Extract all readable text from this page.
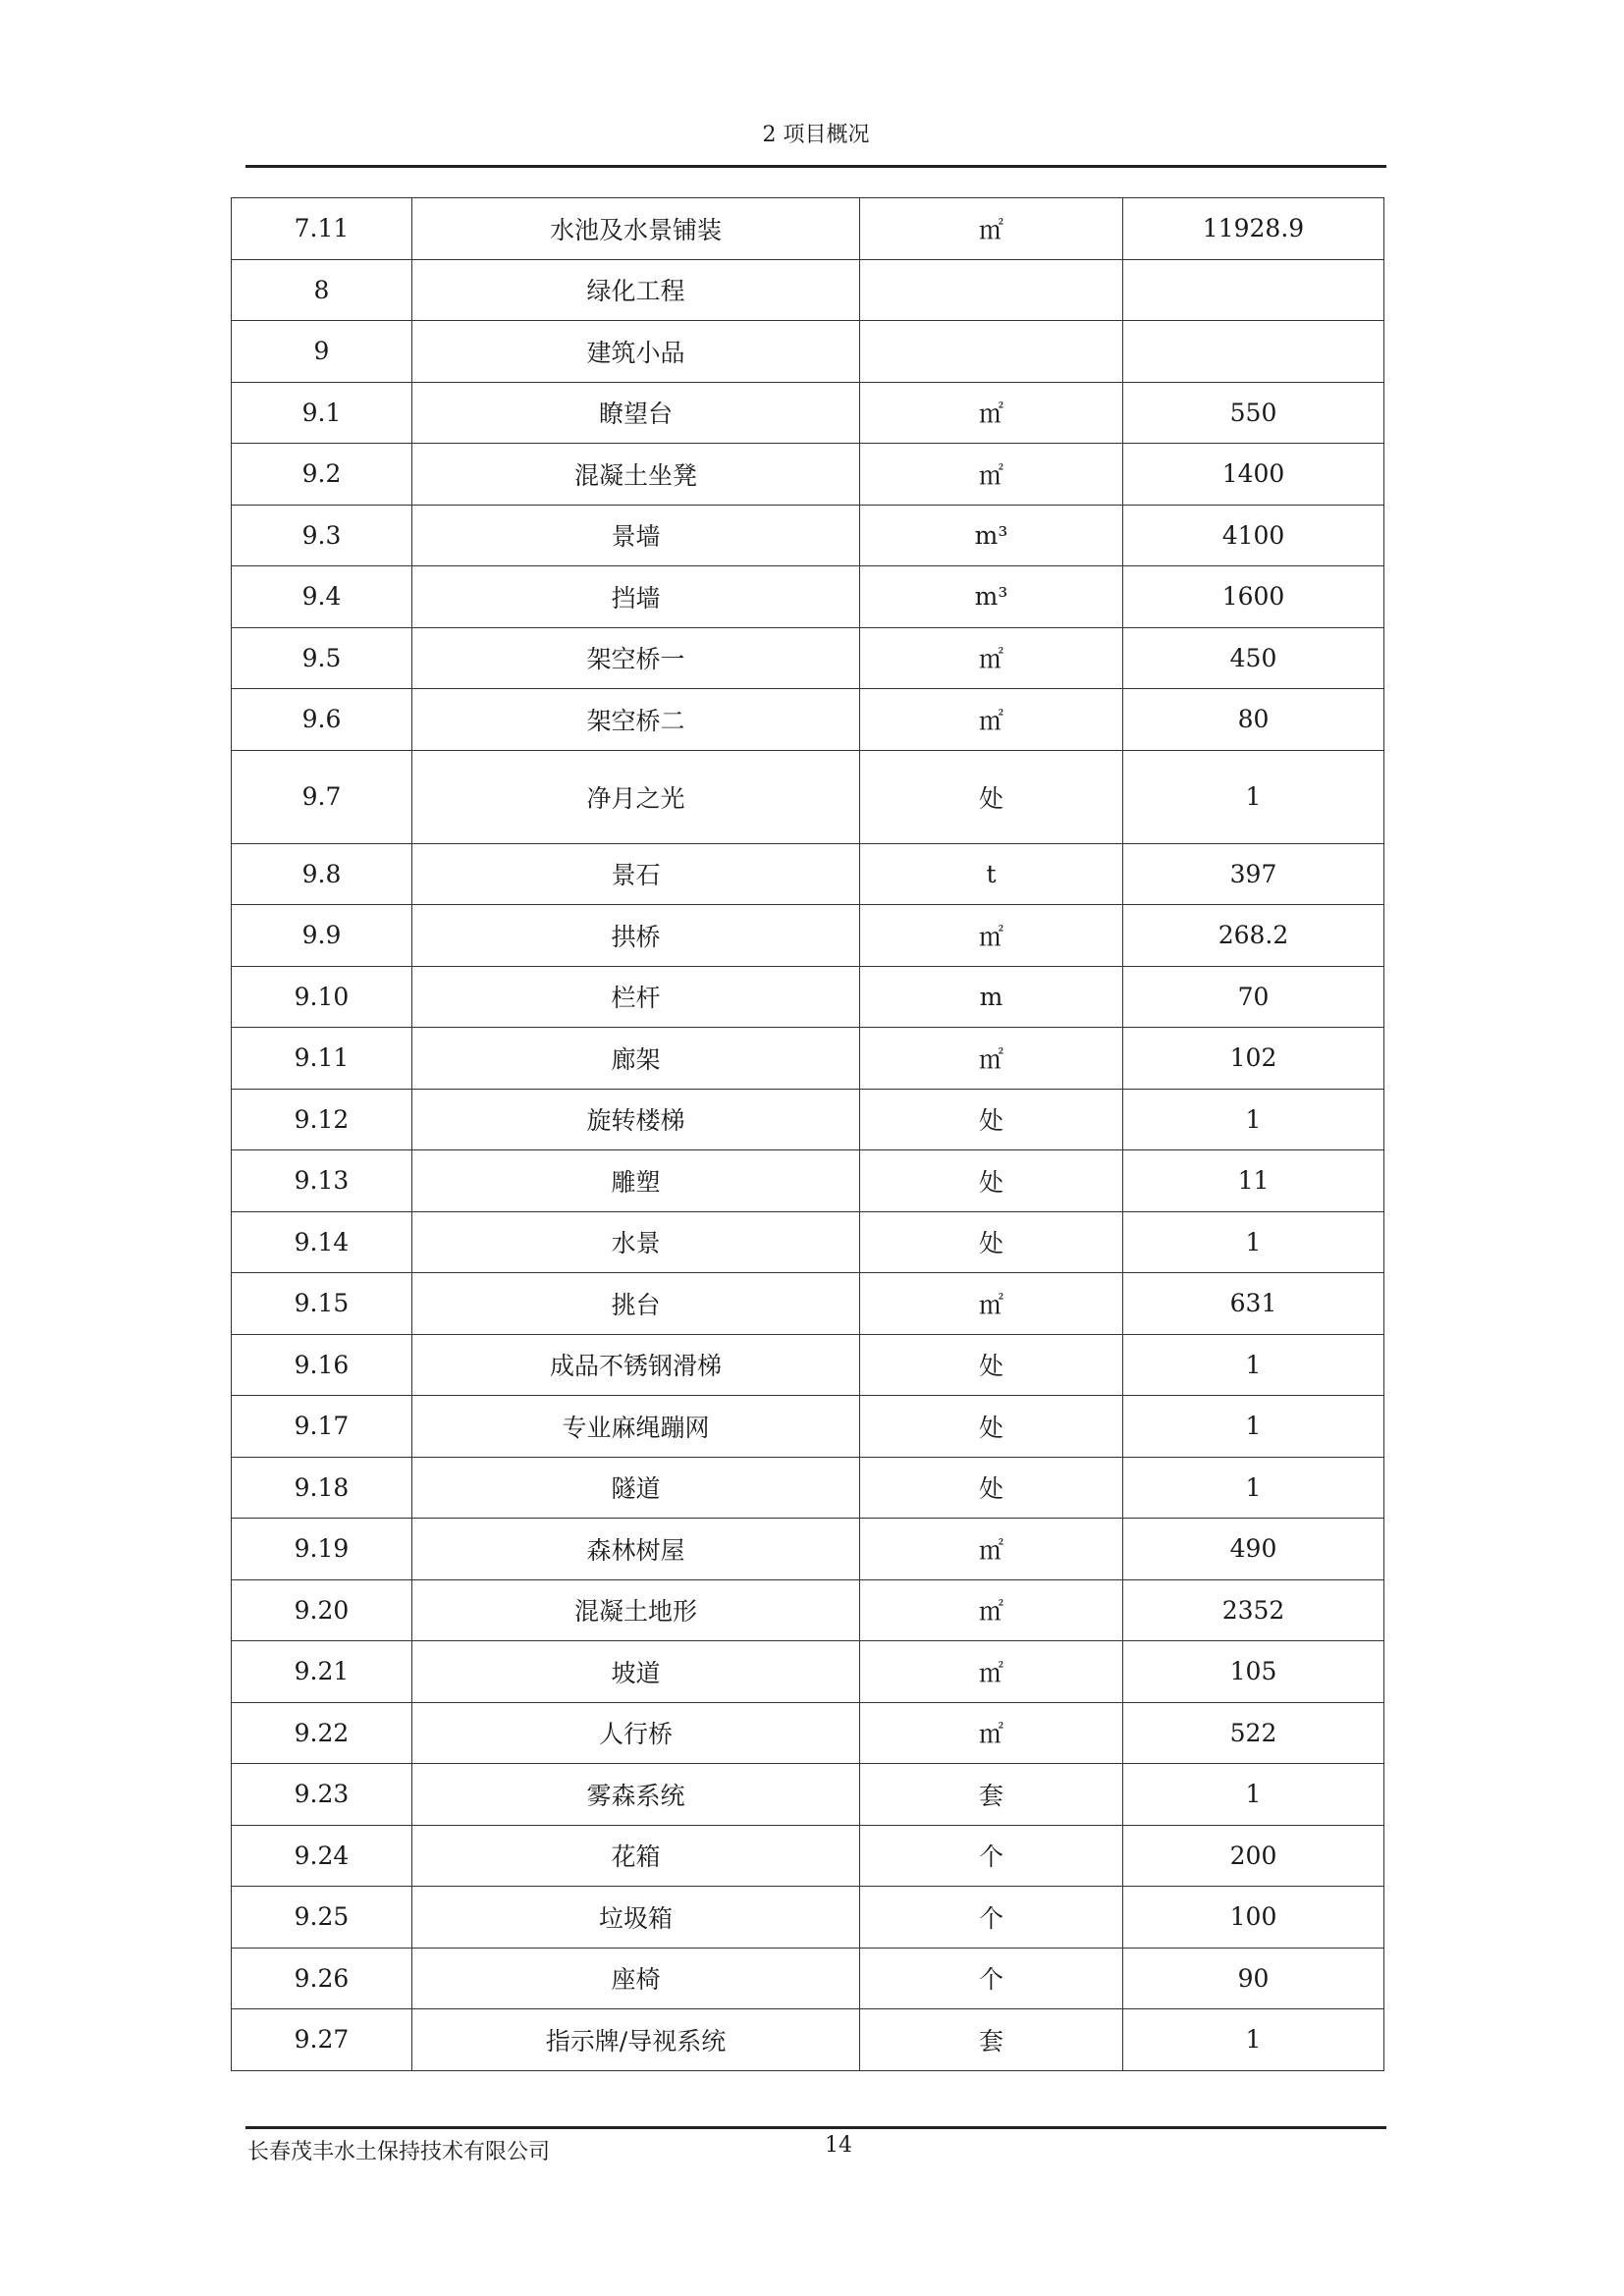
2 项目概况
7.11	水池及水景铺装	㎡	11928.9
8	绿化工程		
9	建筑小品		
9.1	瞭望台	㎡	550
9.2	混凝土坐凳	㎡	1400
9.3	景墙	m³	4100
9.4	挡墙	m³	1600
9.5	架空桥一	㎡	450
9.6	架空桥二	㎡	80
9.7	净月之光	处	1
9.8	景石	t	397
9.9	拱桥	㎡	268.2
9.10	栏杆	m	70
9.11	廊架	㎡	102
9.12	旋转楼梯	处	1
9.13	雕塑	处	11
9.14	水景	处	1
9.15	挑台	㎡	631
9.16	成品不锈钢滑梯	处	1
9.17	专业麻绳蹦网	处	1
9.18	隧道	处	1
9.19	森林树屋	㎡	490
9.20	混凝土地形	㎡	2352
9.21	坡道	㎡	105
9.22	人行桥	㎡	522
9.23	雾森系统	套	1
9.24	花箱	个	200
9.25	垃圾箱	个	100
9.26	座椅	个	90
9.27	指示牌/导视系统	套	1
长春茂丰水土保持技术有限公司	14
